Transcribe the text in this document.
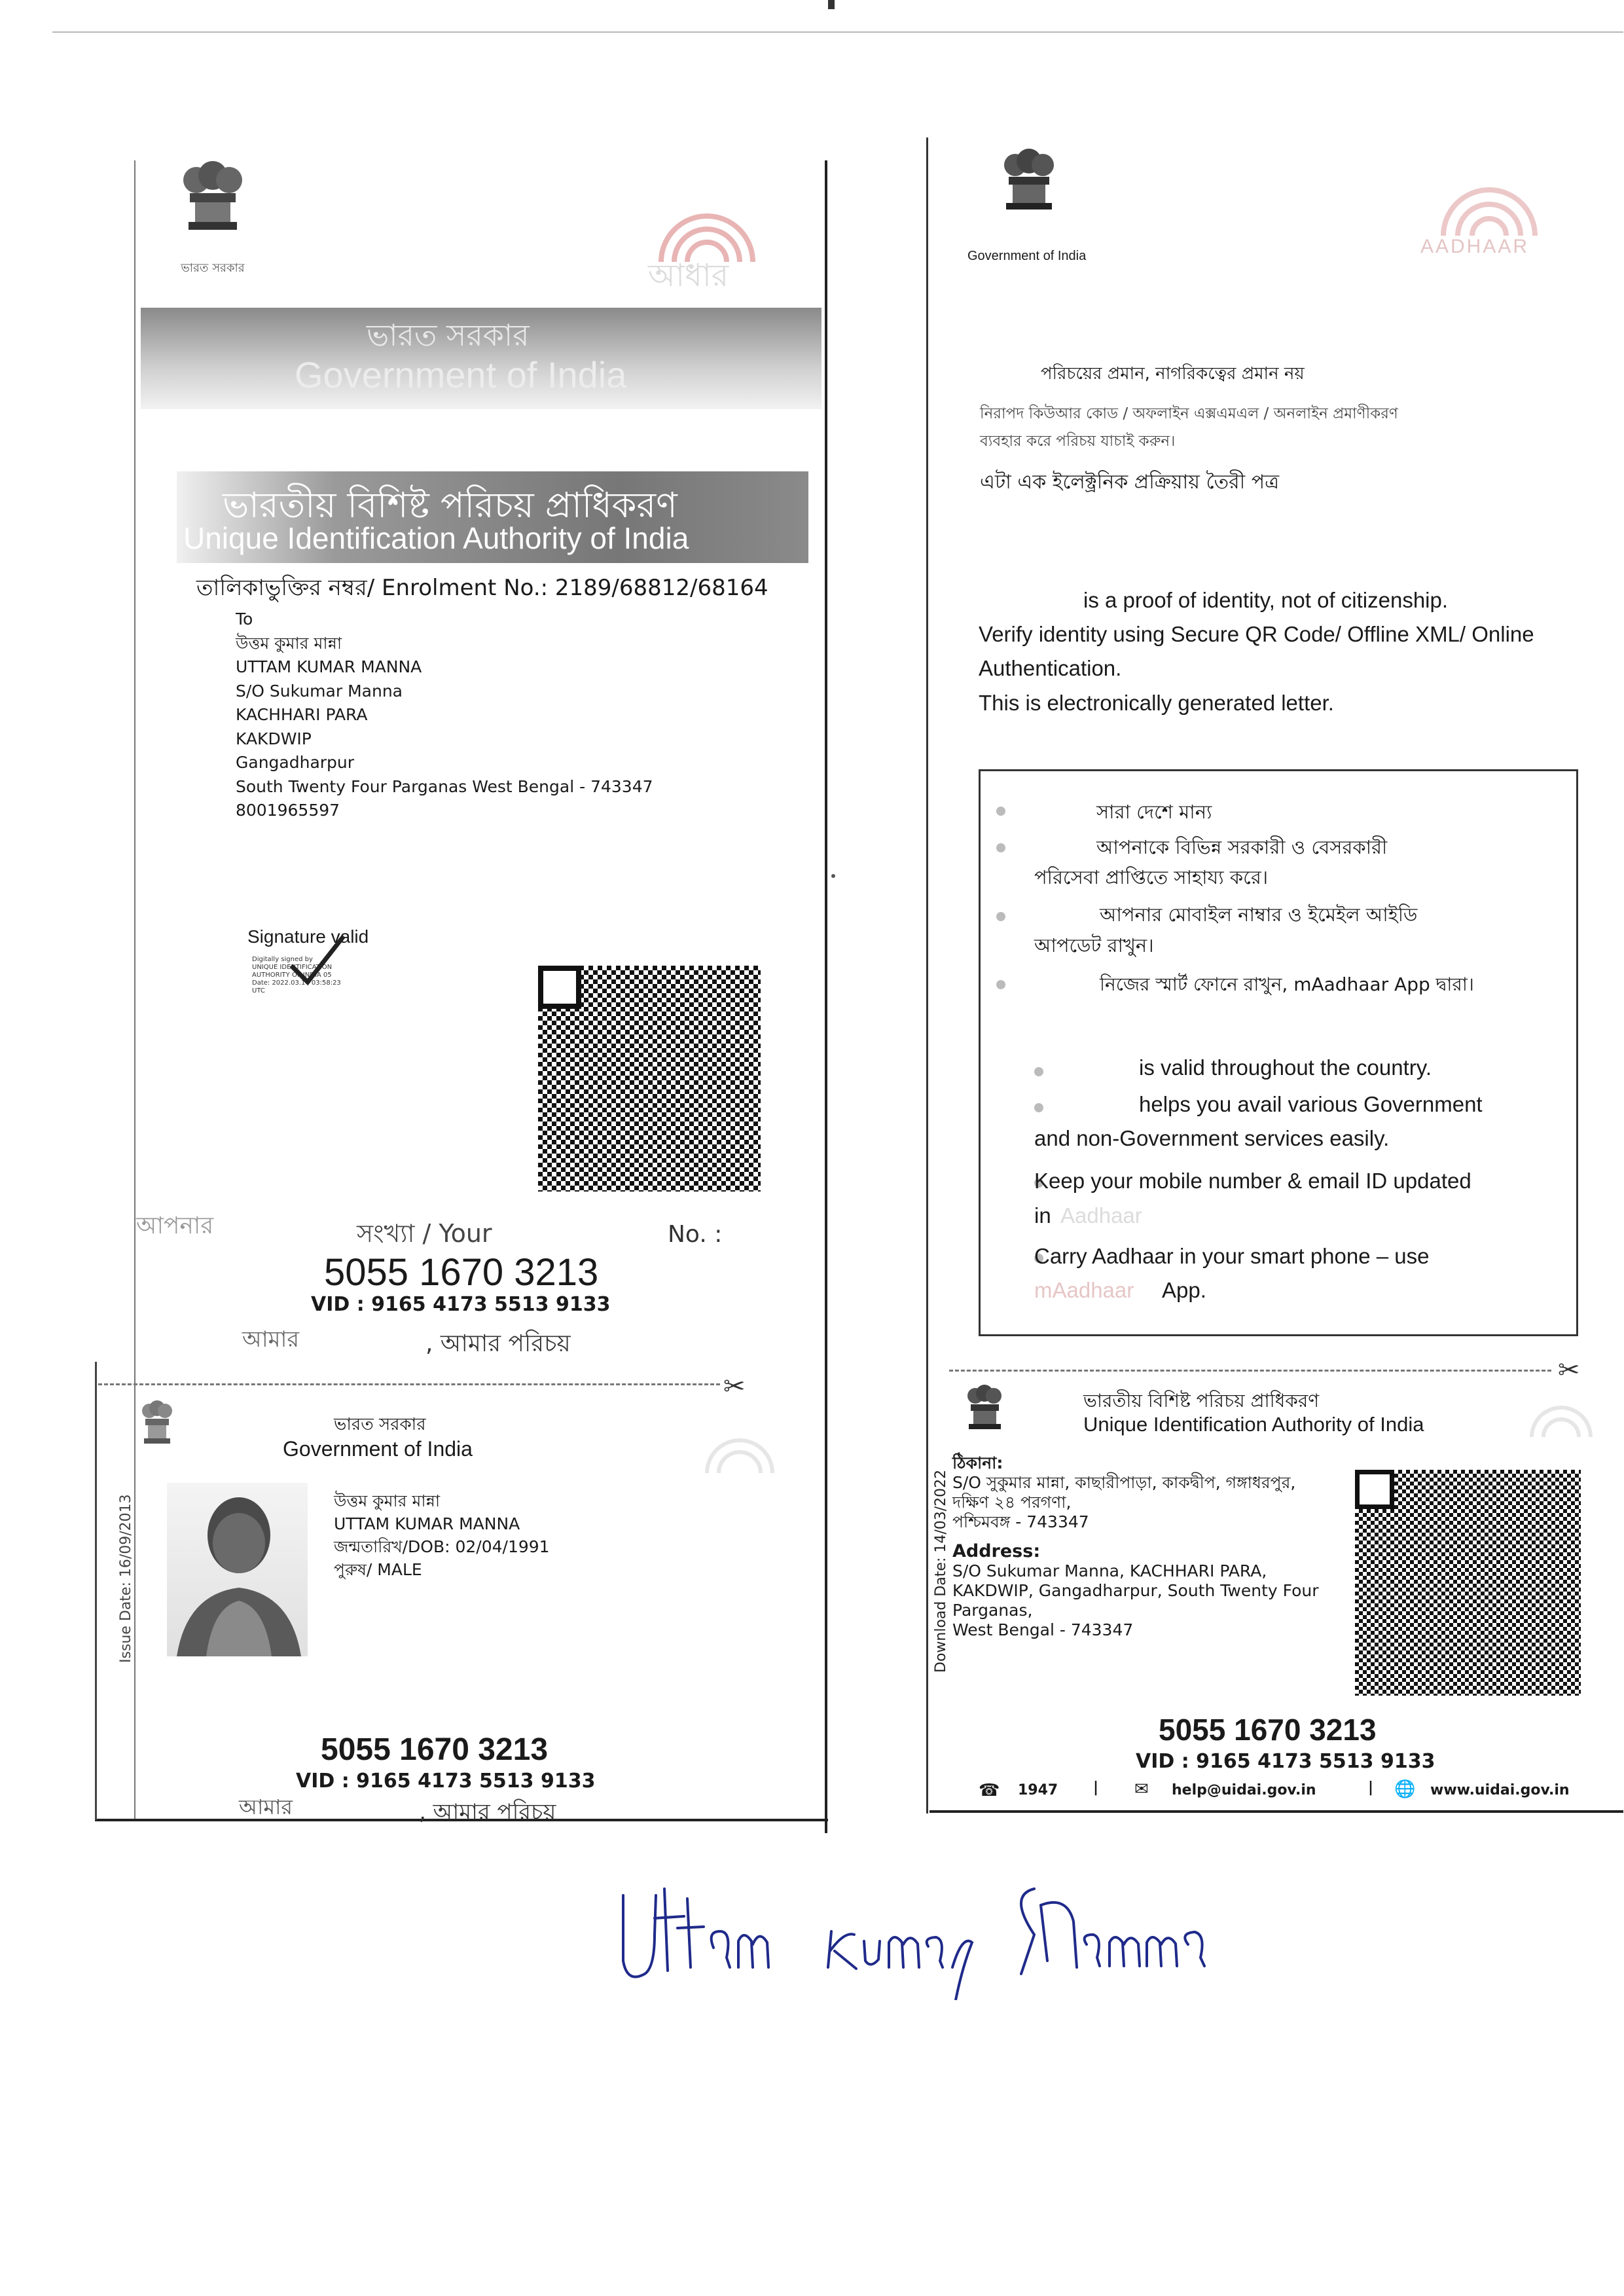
ভারত সরকার	আধার
ভারত সরকার
Government of India
ভারতীয় বিশিষ্ট পরিচয় প্রাধিকরণ
Unique Identification Authority of India
তালিকাভুক্তির নম্বর/ Enrolment No.: 2189/68812/68164
To
উত্তম কুমার মান্না
UTTAM KUMAR MANNA
S/O Sukumar Manna
KACHHARI PARA
KAKDWIP
Gangadharpur
South Twenty Four Parganas West Bengal - 743347
8001965597
Signature valid
Digitally signed by
UNIQUE IDENTIFICATION
AUTHORITY OF INDIA 05
Date: 2022.03.14 03:58:23
UTC
আপনার	সংখ্যা / Your	No. :
5055 1670 3213
VID : 9165 4173 5513 9133
আমার	, আমার পরিচয়
✂
ভারত সরকার
Government of India
Issue Date: 16/09/2013	উত্তম কুমার মান্না
UTTAM KUMAR MANNA
জন্মতারিখ/DOB: 02/04/1991
পুরুষ/ MALE
5055 1670 3213
VID : 9165 4173 5513 9133
আমার	, আমার পরিচয়
Government of India	AADHAAR
পরিচয়ের প্রমান, নাগরিকত্বের প্রমান নয়
নিরাপদ কিউআর কোড / অফলাইন এক্সএমএল / অনলাইন প্রমাণীকরণ
ব্যবহার করে পরিচয় যাচাই করুন।
এটা এক ইলেক্ট্রনিক প্রক্রিয়ায় তৈরী পত্র
is a proof of identity, not of citizenship.
Verify identity using Secure QR Code/ Offline XML/ Online
Authentication.
This is electronically generated letter.
সারা দেশে মান্য
আপনাকে বিভিন্ন সরকারী ও বেসরকারী
পরিসেবা প্রাপ্তিতে সাহায্য করে।
আপনার মোবাইল নাম্বার ও ইমেইল আইডি
আপডেট রাখুন।
নিজের স্মার্ট ফোনে রাখুন, mAadhaar App দ্বারা।
is valid throughout the country.
helps you avail various Government
and non-Government services easily.
Keep your mobile number & email ID updated
in Aadhaar
Carry Aadhaar in your smart phone – use
mAadhaar App.
✂
ভারতীয় বিশিষ্ট পরিচয় প্রাধিকরণ
Unique Identification Authority of India
Download Date: 14/03/2022
ঠিকানা:
S/O সুকুমার মান্না, কাছারীপাড়া, কাকদ্বীপ, গঙ্গাধরপুর,
দক্ষিণ ২৪ পরগণা,
পশ্চিমবঙ্গ - 743347
Address:
S/O Sukumar Manna, KACHHARI PARA,
KAKDWIP, Gangadharpur, South Twenty Four
Parganas,
West Bengal - 743347
5055 1670 3213
VID : 9165 4173 5513 9133
☎ 1947 | ✉	help@uidai.gov.in	| 🌐 www.uidai.gov.in
